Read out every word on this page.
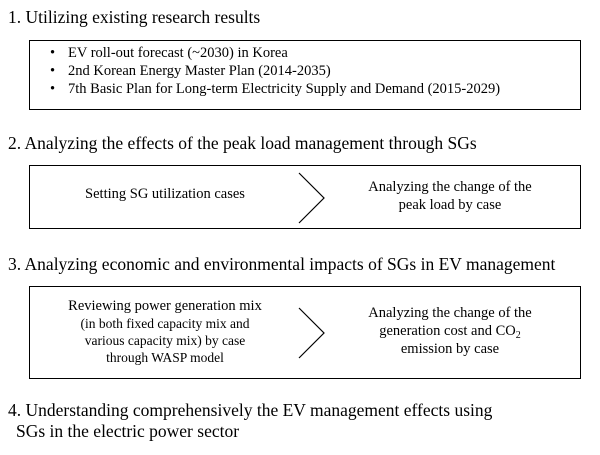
1. Utilizing existing research results
• EV roll-out forecast (~2030) in Korea
• 2nd Korean Energy Master Plan (2014-2035)
• 7th Basic Plan for Long-term Electricity Supply and Demand (2015-2029)
2. Analyzing the effects of the peak load management through SGs
Setting SG utilization cases	Analyzing the change of the
peak load by case
3. Analyzing economic and environmental impacts of SGs in EV management
Reviewing power generation mix
(in both fixed capacity mix and
various capacity mix) by case
through WASP model
Analyzing the change of the
generation cost and $CO_2$
emission by case
4. Understanding comprehensively the EV management effects using
SGs in the electric power sector
